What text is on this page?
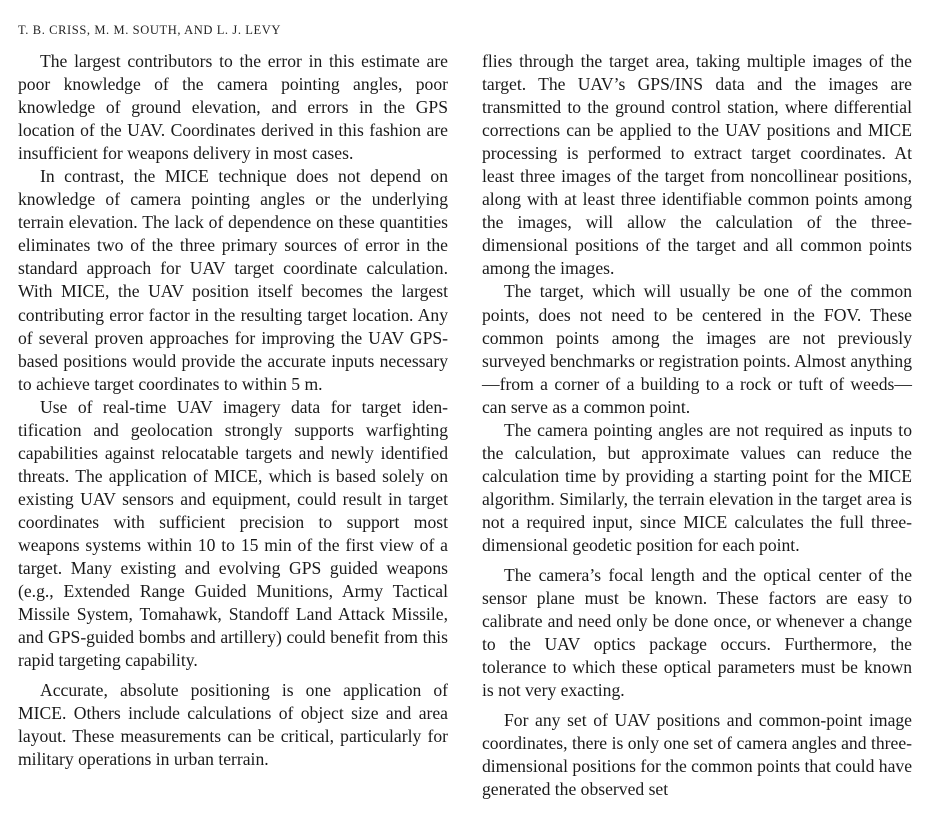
T. B. CRISS, M. M. SOUTH, AND L. J. LEVY

The largest contributors to the error in this estimate are poor knowledge of the camera pointing angles, poor knowledge of ground elevation, and errors in the GPS location of the UAV. Coordinates derived in this fashion are insufficient for weapons delivery in most cases.

In contrast, the MICE technique does not depend on knowledge of camera pointing angles or the underlying terrain elevation. The lack of dependence on these quantities eliminates two of the three primary sources of error in the standard approach for UAV target coordinate calculation. With MICE, the UAV position itself becomes the largest contributing error factor in the resulting target location. Any of several proven approaches for improving the UAV GPS-based positions would provide the accurate inputs necessary to achieve target coordinates to within 5 m.

Use of real-time UAV imagery data for target identification and geolocation strongly supports warfighting capabilities against relocatable targets and newly identified threats. The application of MICE, which is based solely on existing UAV sensors and equipment, could result in target coordinates with sufficient precision to support most weapons systems within 10 to 15 min of the first view of a target. Many existing and evolving GPS guided weapons (e.g., Extended Range Guided Munitions, Army Tactical Missile System, Tomahawk, Standoff Land Attack Missile, and GPS-guided bombs and artillery) could benefit from this rapid targeting capability.

Accurate, absolute positioning is one application of MICE. Others include calculations of object size and area layout. These measurements can be critical, particularly for military operations in urban terrain.

flies through the target area, taking multiple images of the target. The UAV’s GPS/INS data and the images are transmitted to the ground control station, where differential corrections can be applied to the UAV positions and MICE processing is performed to extract target coordinates. At least three images of the target from noncollinear positions, along with at least three identifiable common points among the images, will allow the calculation of the three-dimensional positions of the target and all common points among the images.

The target, which will usually be one of the common points, does not need to be centered in the FOV. These common points among the images are not previously surveyed benchmarks or registration points. Almost anything—from a corner of a building to a rock or tuft of weeds—can serve as a common point.

The camera pointing angles are not required as inputs to the calculation, but approximate values can reduce the calculation time by providing a starting point for the MICE algorithm. Similarly, the terrain elevation in the target area is not a required input, since MICE calculates the full three-dimensional geodetic position for each point.

The camera’s focal length and the optical center of the sensor plane must be known. These factors are easy to calibrate and need only be done once, or whenever a change to the UAV optics package occurs. Furthermore, the tolerance to which these optical parameters must be known is not very exacting.

For any set of UAV positions and common-point image coordinates, there is only one set of camera angles and three-dimensional positions for the common points that could have generated the observed set
